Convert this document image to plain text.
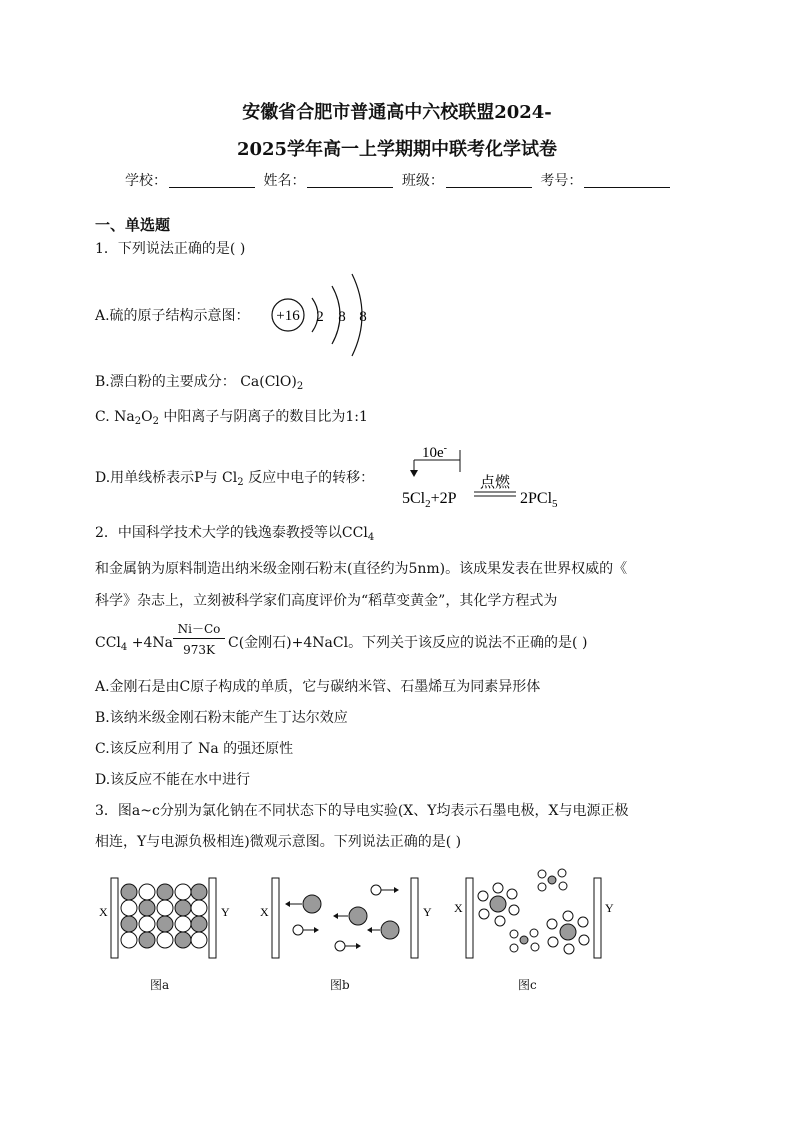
安徽省合肥市普通高中六校联盟2024-
2025学年高一上学期期中联考化学试卷
学校：	姓名：	班级：	考号：
一、单选题
1．下列说法正确的是( )
A.硫的原子结构示意图： +16 2 8 8
B.漂白粉的主要成分： $Ca(ClO)_2$
C. $Na_2O_2$ 中阳离子与阴离子的数目比为1:1
D.用单线桥表示P与 $Cl_2$ 反应中电子的转移：
10e-
$5Cl_2+2P$
点燃
2PCl$_5$
2．中国科学技术大学的钱逸泰教授等以CCl$_4$
和金属钠为原料制造出纳米级金刚石粉末(直径约为5nm)。该成果发表在世界权威的《
科学》杂志上，立刻被科学家们高度评价为“稻草变黄金”，其化学方程式为
CCl$_4$ +4Na
Ni－Co
973K C(金刚石)+4NaCl。下列关于该反应的说法不正确的是( )
A.金刚石是由C原子构成的单质，它与碳纳米管、石墨烯互为同素异形体
B.该纳米级金刚石粉末能产生丁达尔效应
C.该反应利用了 Na 的强还原性
D.该反应不能在水中进行
3．图a~c分别为氯化钠在不同状态下的导电实验(X、Y均表示石墨电极，X与电源正极
相连，Y与电源负极相连)微观示意图。下列说法正确的是( )
X	Y
图a
X	Y
图b
X	Y
图c
